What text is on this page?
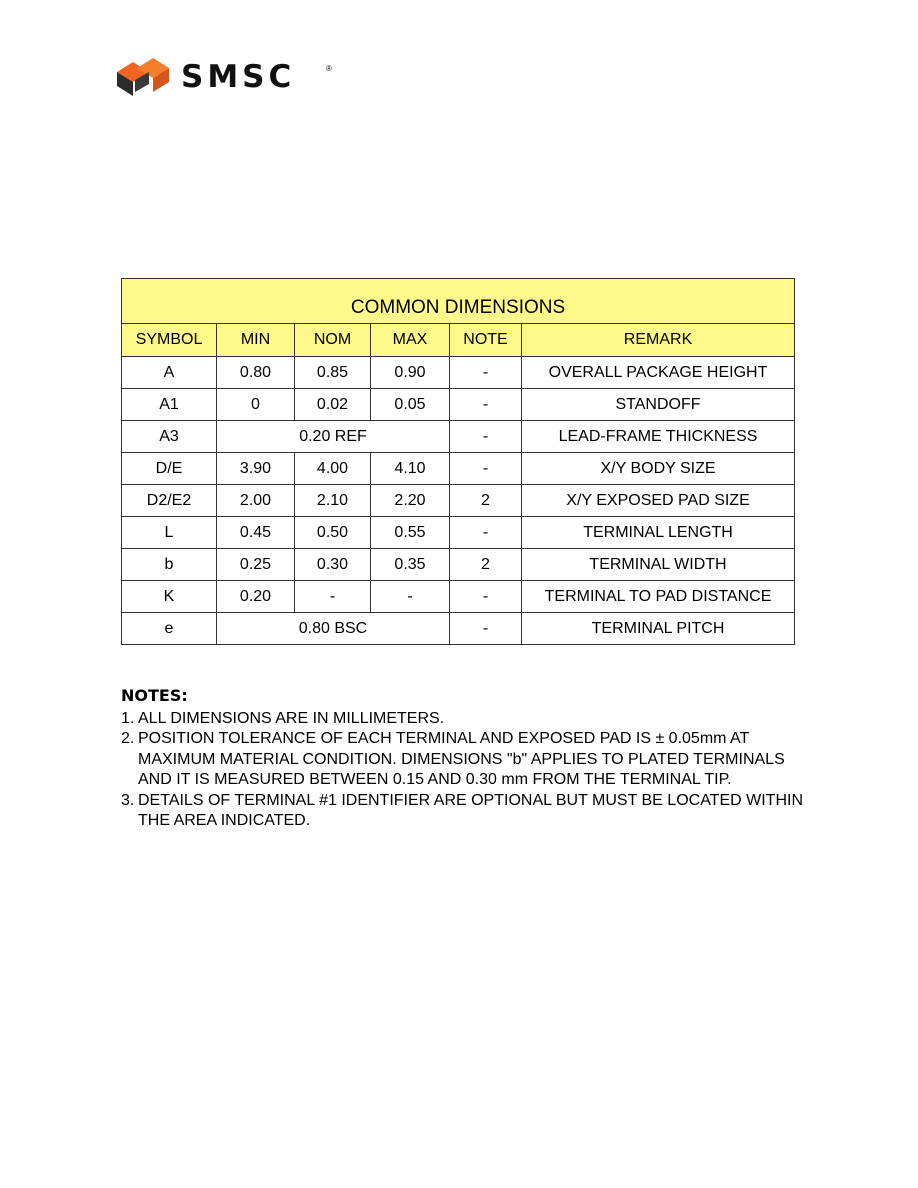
SMSC	®
COMMON DIMENSIONS					
SYMBOL	MIN	NOM	MAX	NOTE	REMARK
A	0.80	0.85	0.90	-	OVERALL PACKAGE HEIGHT
A1	0	0.02	0.05	-	STANDOFF
A3	0.20 REF			-	LEAD-FRAME THICKNESS
D/E	3.90	4.00	4.10	-	X/Y BODY SIZE
D2/E2	2.00	2.10	2.20	2	X/Y EXPOSED PAD SIZE
L	0.45	0.50	0.55	-	TERMINAL LENGTH
b	0.25	0.30	0.35	2	TERMINAL WIDTH
K	0.20	-	-	-	TERMINAL TO PAD DISTANCE
e	0.80 BSC			-	TERMINAL PITCH
NOTES:
1. ALL DIMENSIONS ARE IN MILLIMETERS.
2. POSITION TOLERANCE OF EACH TERMINAL AND EXPOSED PAD IS ± 0.05mm AT MAXIMUM MATERIAL CONDITION. DIMENSIONS "b" APPLIES TO PLATED TERMINALS AND IT IS MEASURED BETWEEN 0.15 AND 0.30 mm FROM THE TERMINAL TIP.
3. DETAILS OF TERMINAL #1 IDENTIFIER ARE OPTIONAL BUT MUST BE LOCATED WITHIN THE AREA INDICATED.
